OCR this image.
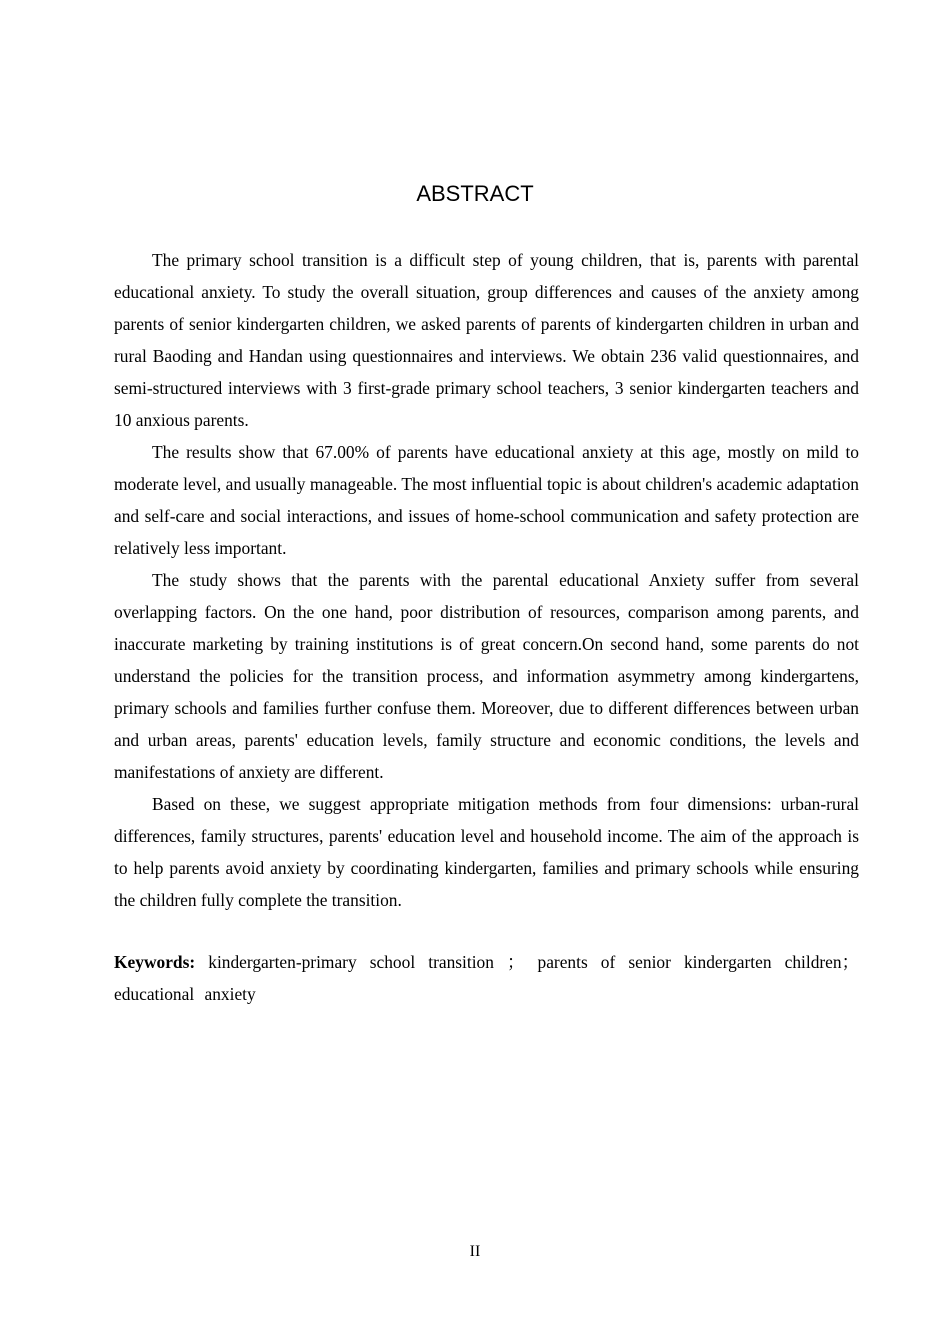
ABSTRACT

The primary school transition is a difficult step of young children, that is, parents with parental educational anxiety. To study the overall situation, group differences and causes of the anxiety among parents of senior kindergarten children, we asked parents of parents of kindergarten children in urban and rural Baoding and Handan using questionnaires and interviews. We obtain 236 valid questionnaires, and semi-structured interviews with 3 first-grade primary school teachers, 3 senior kindergarten teachers and 10 anxious parents.

The results show that 67.00% of parents have educational anxiety at this age, mostly on mild to moderate level, and usually manageable. The most influential topic is about children's academic adaptation and self-care and social interactions, and issues of home-school communication and safety protection are relatively less important.

The study shows that the parents with the parental educational Anxiety suffer from several overlapping factors. On the one hand, poor distribution of resources, comparison among parents, and inaccurate marketing by training institutions is of great concern.On second hand, some parents do not understand the policies for the transition process, and information asymmetry among kindergartens, primary schools and families further confuse them. Moreover, due to different differences between urban and urban areas, parents' education levels, family structure and economic conditions, the levels and manifestations of anxiety are different.

Based on these, we suggest appropriate mitigation methods from four dimensions: urban-rural differences, family structures, parents' education level and household income. The aim of the approach is to help parents avoid anxiety by coordinating kindergarten, families and primary schools while ensuring the children fully complete the transition.

Keywords: kindergarten-primary school transition ； parents of senior kindergarten children； educational anxiety

II
